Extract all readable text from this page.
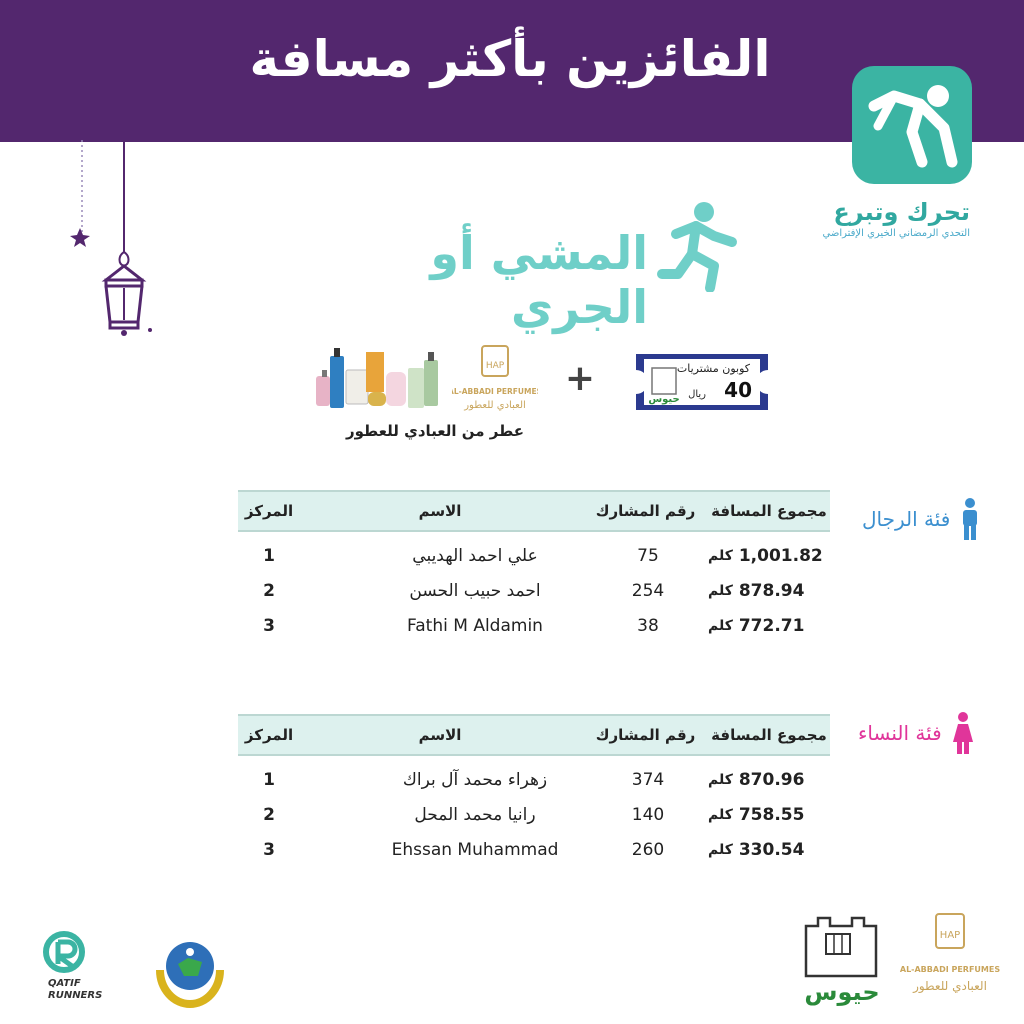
الفائزين بأكثر مسافة
تحرك وتبرع
التحدي الرمضاني الخيري الإفتراضي
المشي أو الجري
HAP
AL-ABBADI PERFUMES
العبادي للعطور
+	كوبون مشتريات
40
ريال
حيوس
عطر من العبادي للعطور
فئة الرجال
المركز	الاسم	رقم المشارك	مجموع المسافة
1	علي احمد الهديبي	75	1,001.82
كلم
2	احمد حبيب الحسن	254	878.94
كلم
3	Fathi M Aldamin	38	772.71
كلم
فئة النساء
المركز	الاسم	رقم المشارك	مجموع المسافة
1	زهراء محمد آل براك	374	870.96
كلم
2	رانيا محمد المحل	140	758.55
كلم
3	Ehssan Muhammad	260	330.54
كلم
QATIF
RUNNERS	حيوس
HAP
AL-ABBADI PERFUMES
العبادي للعطور
